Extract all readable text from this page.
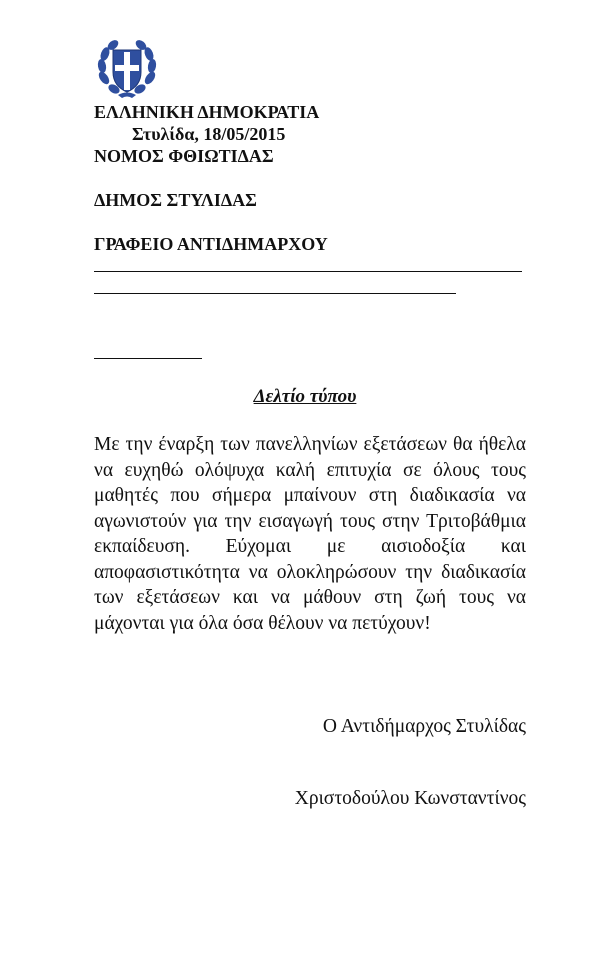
ΕΛΛΗΝΙΚΗ ΔΗΜΟΚΡΑΤΙΑ
Στυλίδα, 18/05/2015
ΝΟΜΟΣ ΦΘΙΩΤΙΔΑΣ
ΔΗΜΟΣ ΣΤΥΛΙΔΑΣ
ΓΡΑΦΕΙΟ ΑΝΤΙΔΗΜΑΡΧΟΥ
Δελτίο τύπου
Με την έναρξη των πανελληνίων εξετάσεων θα ήθελα να ευχηθώ ολόψυχα καλή επιτυχία σε όλους τους μαθητές που σήμερα μπαίνουν στη διαδικασία να αγωνιστούν για την εισαγωγή τους στην Τριτοβάθμια εκπαίδευση. Εύχομαι με αισιοδοξία και αποφασιστικότητα να ολοκληρώσουν την διαδικασία των εξετάσεων και να μάθουν στη ζωή τους να μάχονται για όλα όσα θέλουν να πετύχουν!
Ο Αντιδήμαρχος Στυλίδας
Χριστοδούλου Κωνσταντίνος
